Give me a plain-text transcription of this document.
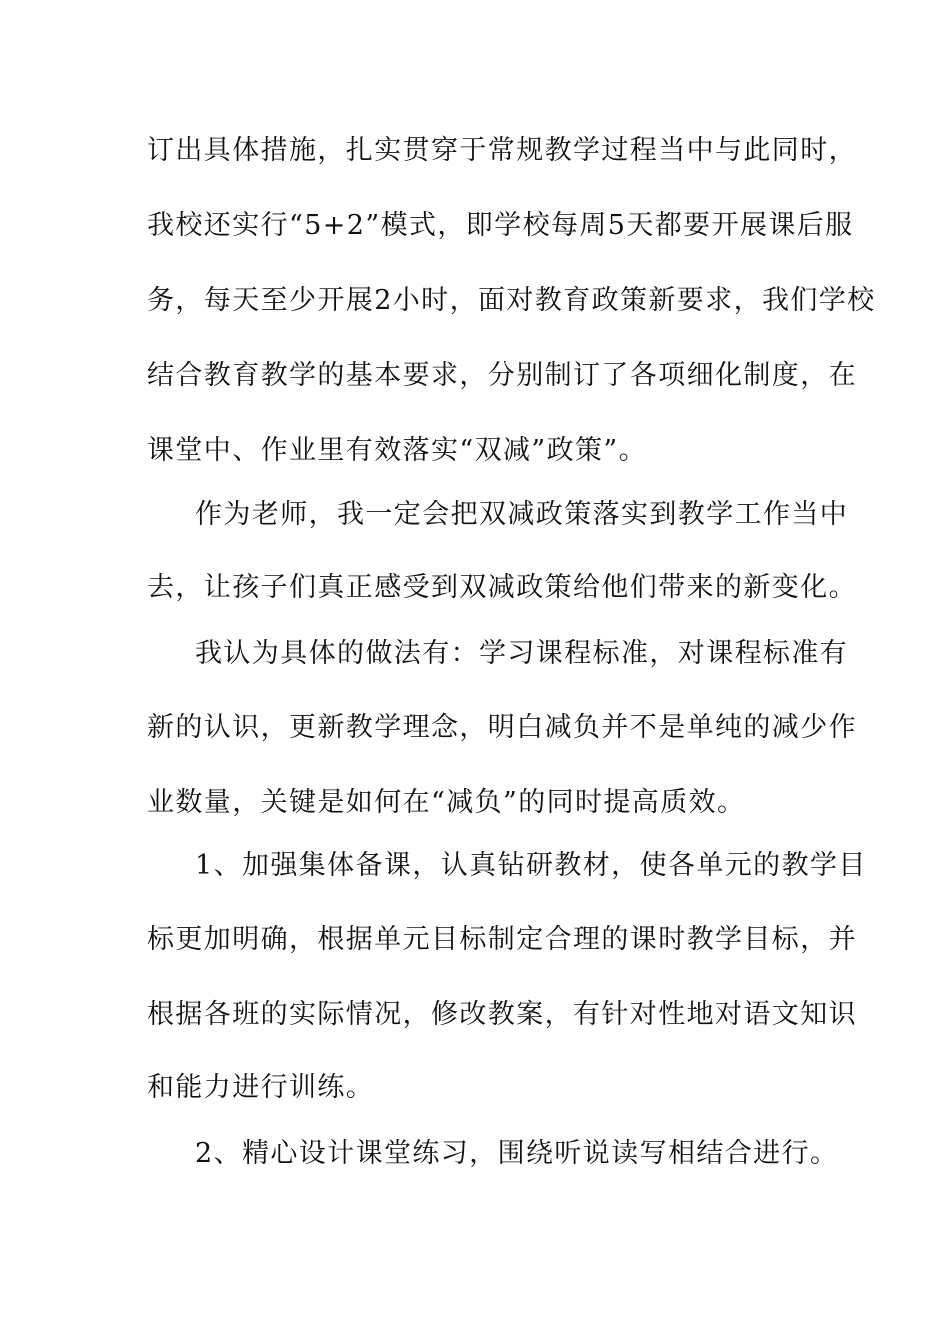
订出具体措施，扎实贯穿于常规教学过程当中与此同时，
我校还实行“5+2”模式，即学校每周5天都要开展课后服
务，每天至少开展2小时，面对教育政策新要求，我们学校
结合教育教学的基本要求，分别制订了各项细化制度，在
课堂中、作业里有效落实“双减”政策”。
作为老师，我一定会把双减政策落实到教学工作当中
去，让孩子们真正感受到双减政策给他们带来的新变化。
我认为具体的做法有：学习课程标准，对课程标准有
新的认识，更新教学理念，明白减负并不是单纯的减少作
业数量，关键是如何在“减负”的同时提高质效。
1、加强集体备课，认真钻研教材，使各单元的教学目
标更加明确，根据单元目标制定合理的课时教学目标，并
根据各班的实际情况，修改教案，有针对性地对语文知识
和能力进行训练。
2、精心设计课堂练习，围绕听说读写相结合进行。
